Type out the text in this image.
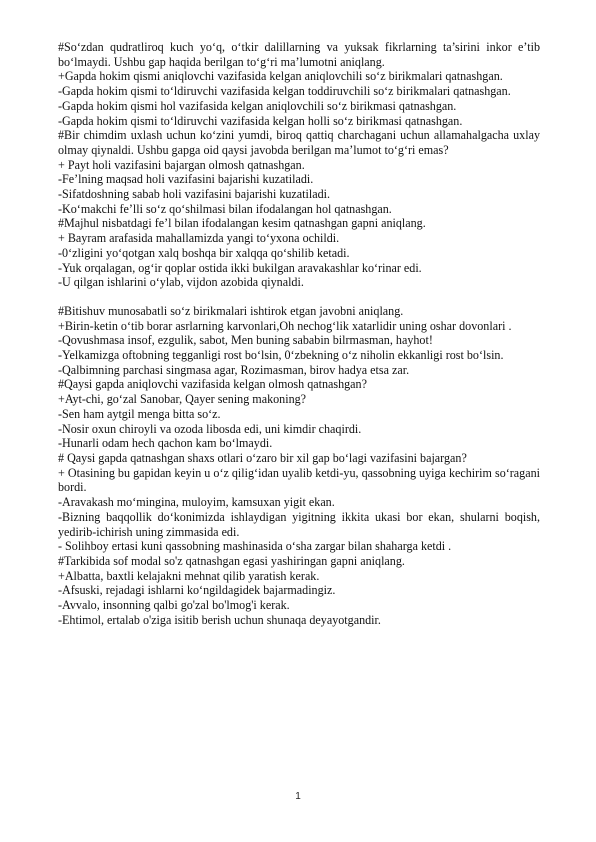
#So‘zdan qudratliroq kuch yo‘q, o‘tkir dalillarning va yuksak fikrlarning ta’sirini inkor e’tib bo‘lmaydi. Ushbu gap haqida berilgan to‘g‘ri ma’lumotni aniqlang.

+Gapda hokim qismi aniqlovchi vazifasida kelgan aniqlovchili so‘z birikmalari qatnashgan.

-Gapda hokim qismi to‘ldiruvchi vazifasida kelgan toddiruvchili so‘z birikmalari qatnashgan.

-Gapda hokim qismi hol vazifasida kelgan aniqlovchili so‘z birikmasi qatnashgan.

-Gapda hokim qismi to‘ldiruvchi vazifasida kelgan holli so‘z birikmasi qatnashgan.

#Bir chimdim uxlash uchun ko‘zini yumdi, biroq qattiq charchagani uchun allamahalgacha uxlay olmay qiynaldi. Ushbu gapga oid qaysi javobda berilgan ma’lumot to‘g‘ri emas?

+ Payt holi vazifasini bajargan olmosh qatnashgan.

-Fe’lning maqsad holi vazifasini bajarishi kuzatiladi.

-Sifatdoshning sabab holi vazifasini bajarishi kuzatiladi.

-Ko‘makchi fe’lli so‘z qo‘shilmasi bilan ifodalangan hol qatnashgan.

#Majhul nisbatdagi fe’l bilan ifodalangan kesim qatnashgan gapni aniqlang.

+ Bayram arafasida mahallamizda yangi to‘yxona ochildi.

-0‘zligini yo‘qotgan xalq boshqa bir xalqqa qo‘shilib ketadi.

-Yuk orqalagan, og‘ir qoplar ostida ikki bukilgan aravakashlar ko‘rinar edi.

-U qilgan ishlarini o‘ylab, vijdon azobida qiynaldi.

#Bitishuv munosabatli so‘z birikmalari ishtirok etgan javobni aniqlang.

+Birin-ketin o‘tib borar asrlarning karvonlari,Oh nechog‘lik xatarlidir uning oshar dovonlari .

-Qovushmasa insof, ezgulik, sabot, Men buning sababin bilrmasman, hayhot!

-Yelkamizga oftobning tegganligi rost bo‘lsin, 0‘zbekning o‘z niholin ekkanligi rost bo‘lsin.

-Qalbimning parchasi singmasa agar, Rozimasman, birov hadya etsa zar.

#Qaysi gapda aniqlovchi vazifasida kelgan olmosh qatnashgan?

+Ayt-chi, go‘zal Sanobar, Qayer sening makoning?

-Sen ham aytgil menga bitta so‘z.

-Nosir oxun chiroyli va ozoda libosda edi, uni kimdir chaqirdi.

-Hunarli odam hech qachon kam bo‘lmaydi.

# Qaysi gapda qatnashgan shaxs otlari o‘zaro bir xil gap bo‘lagi vazifasini bajargan?

+ Otasining bu gapidan keyin u o‘z qilig‘idan uyalib ketdi-yu, qassobning uyiga kechirim so‘ragani bordi.

-Aravakash mo‘mingina, muloyim, kamsuxan yigit ekan.

-Bizning baqqollik do‘konimizda ishlaydigan yigitning ikkita ukasi bor ekan, shularni boqish, yedirib-ichirish uning zimmasida edi.

- Solihboy ertasi kuni qassobning mashinasida o‘sha zargar bilan shaharga ketdi .

#Tarkibida sof modal so'z qatnashgan egasi yashiringan gapni aniqlang.

+Albatta, baxtli kelajakni mehnat qilib yaratish kerak.

-Afsuski, rejadagi ishlarni ko‘ngildagidek bajarmadingiz.

-Avvalo, insonning qalbi go'zal bo'lmog'i kerak.

-Ehtimol, ertalab o'ziga isitib berish uchun shunaqa deyayotgandir.

1
